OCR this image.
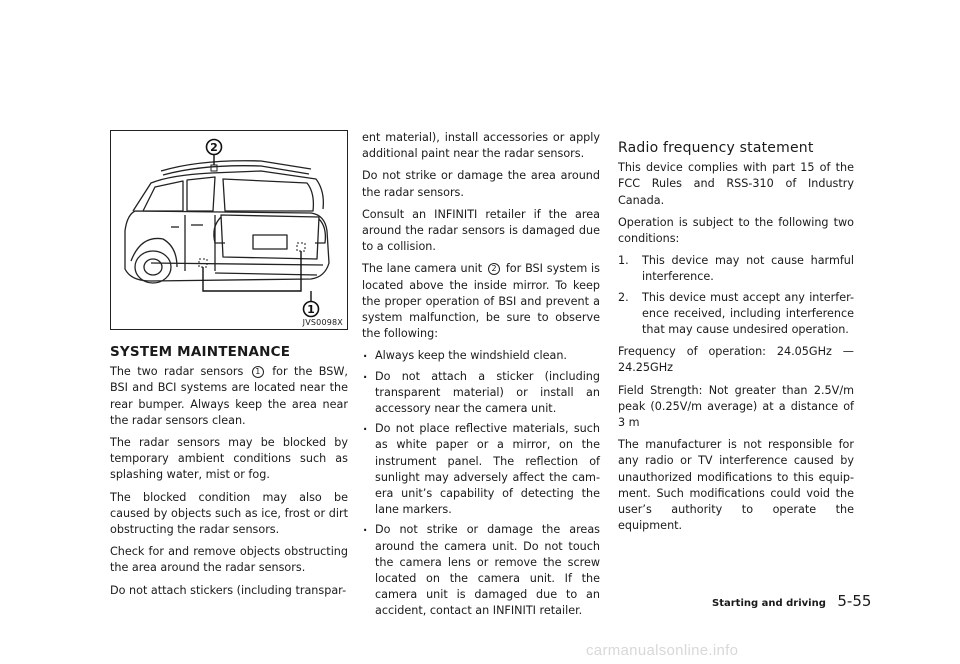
2
1
JVS0098X
SYSTEM MAINTENANCE

The two radar sensors 1 for the BSW, BSI and BCI systems are located near the rear bumper. Always keep the area near the radar sensors clean.

The radar sensors may be blocked by temporary ambient conditions such as splashing water, mist or fog.

The blocked condition may also be caused by objects such as ice, frost or dirt obstructing the radar sensors.

Check for and remove objects obstructing the area around the radar sensors.

Do not attach stickers (including transpar-

ent material), install accessories or apply additional paint near the radar sensors.

Do not strike or damage the area around the radar sensors.

Consult an INFINITI retailer if the area around the radar sensors is damaged due to a collision.

The lane camera unit 2 for BSI system is located above the inside mirror. To keep the proper operation of BSI and prevent a system malfunction, be sure to observe the following:

. Always keep the windshield clean.
. Do not attach a sticker (including transparent material) or install an accessory near the camera unit.
. Do not place reflective materials, such as white paper or a mirror, on the instrument panel. The reflection of sunlight may adversely affect the cam- era unit’s capability of detecting the lane markers.
. Do not strike or damage the areas around the camera unit. Do not touch the camera lens or remove the screw located on the camera unit. If the camera unit is damaged due to an accident, contact an INFINITI retailer.
Radio frequency statement

This device complies with part 15 of the FCC Rules and RSS-310 of Industry Canada.

Operation is subject to the following two conditions:

1. This device may not cause harmful interference.
2. This device must accept any interfer- ence received, including interference that may cause undesired operation.

Frequency of operation: 24.05GHz — 24.25GHz

Field Strength: Not greater than 2.5V/m peak (0.25V/m average) at a distance of 3 m

The manufacturer is not responsible for any radio or TV interference caused by unauthorized modifications to this equip- ment. Such modifications could void the user’s authority to operate the equipment.

Starting and driving 5-55
carmanualsonline.info
